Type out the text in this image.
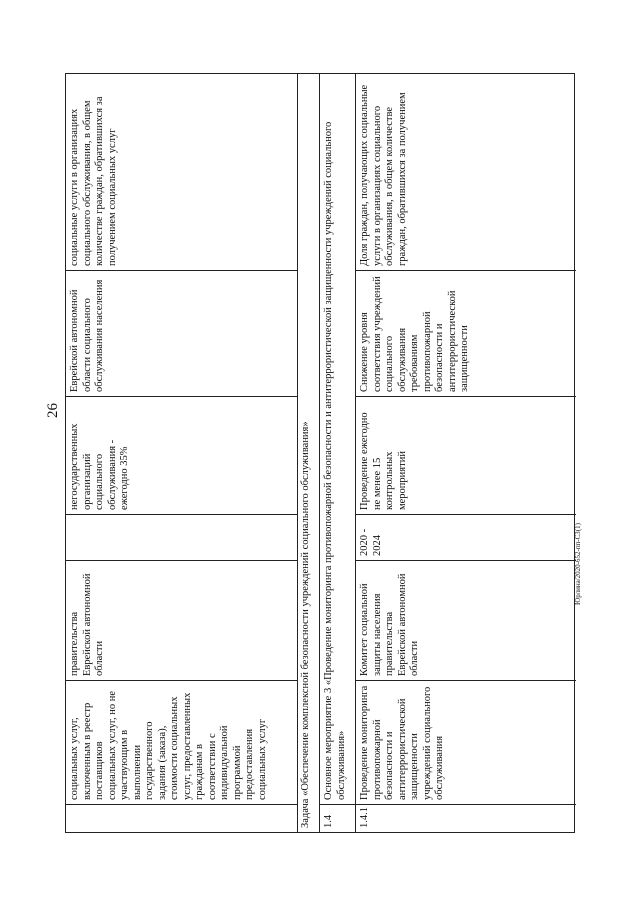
26
Юрлина/2020-652-пп-СЗ(1)
социальных услуг, включенным в реестр поставщиков социальных услуг, но не участвующим в выполнении государственного задания (заказа), стоимости социальных услуг, предоставленных гражданам в соответствии с индивидуальной программой предоставления социальных услуг
правительства Еврейской автономной области
негосударственных организаций социального обслуживания - ежегодно 35%
Еврейской автономной области социального обслуживания населения
социальные услуги в организациях социального обслуживания, в общем количестве граждан, обратившихся за получением социальных услуг
Задача «Обеспечение комплексной безопасности учреждений социального обслуживания»	1.4
Основное мероприятие 3 «Проведение мониторинга противопожарной безопасности и антитеррористической защищенности учреждений социального обслуживания»
1.4.1
Проведение мониторинга противопожарной безопасности и антитеррористической защищенности учреждений социального обслуживания
Комитет социальной защиты населения правительства Еврейской автономной области
2020 - 2024
Проведение ежегодно не менее 15 контрольных мероприятий
Снижение уровня соответствия учреждений социального обслуживания требованиям противопожарной безопасности и антитеррористической защищенности
Доля граждан, получающих социальные услуги в организациях социального обслуживания, в общем количестве граждан, обратившихся за получением
